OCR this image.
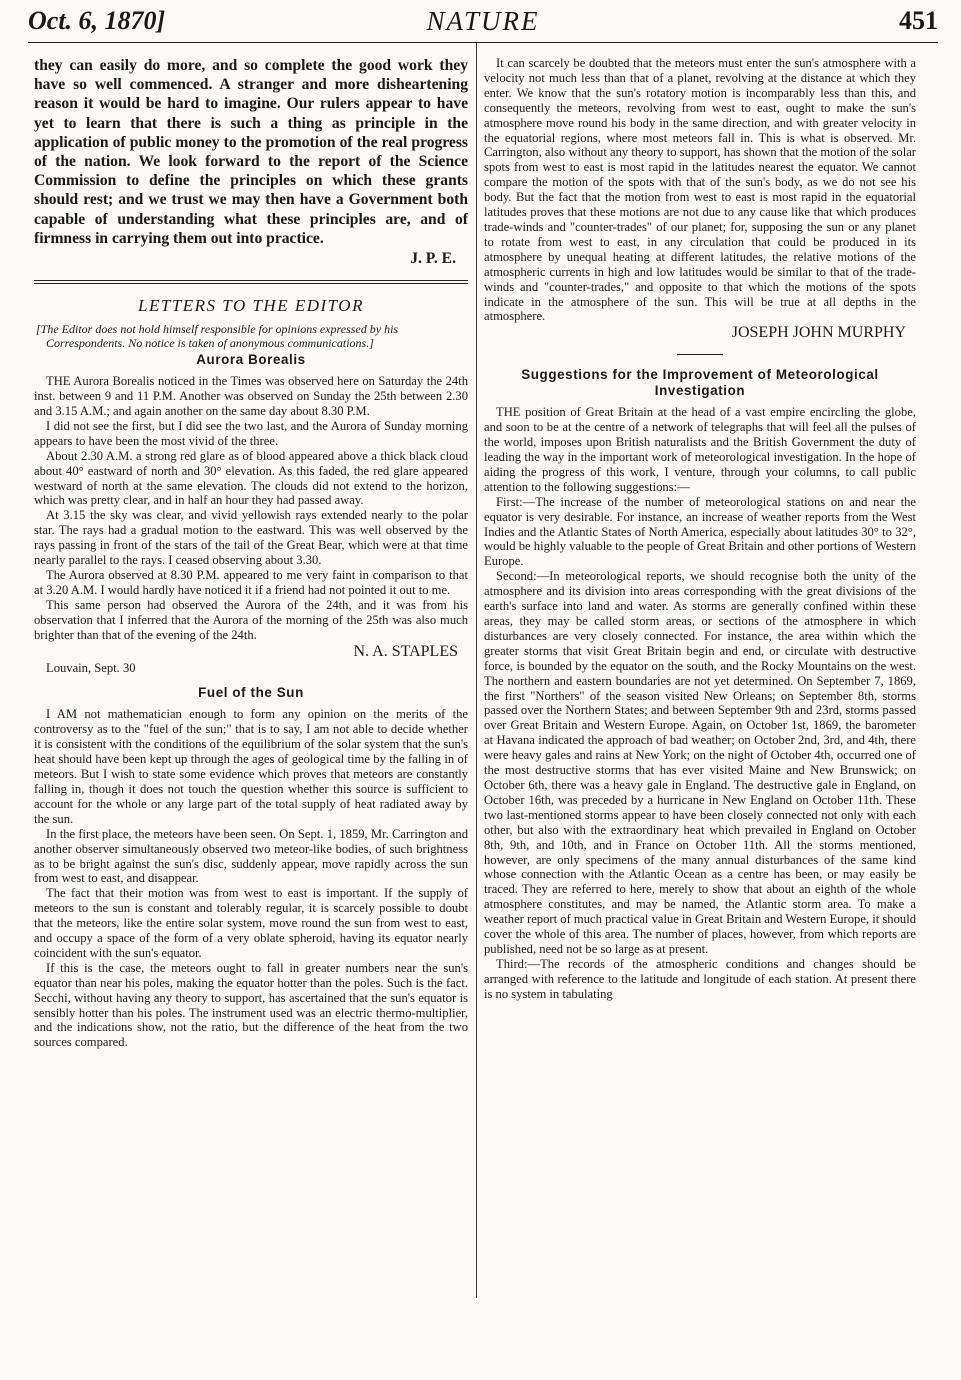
Oct. 6, 1870]	NATURE	451

they can easily do more, and so complete the good work they have so well commenced. A stranger and more disheartening reason it would be hard to imagine. Our rulers appear to have yet to learn that there is such a thing as principle in the application of public money to the promotion of the real progress of the nation. We look forward to the report of the Science Commission to define the principles on which these grants should rest; and we trust we may then have a Government both capable of understanding what these principles are, and of firmness in carrying them out into practice.

J. P. E.

LETTERS TO THE EDITOR
[The Editor does not hold himself responsible for opinions expressed by his Correspondents. No notice is taken of anonymous communications.]
Aurora Borealis

THE Aurora Borealis noticed in the Times was observed here on Saturday the 24th inst. between 9 and 11 P.M. Another was observed on Sunday the 25th between 2.30 and 3.15 A.M.; and again another on the same day about 8.30 P.M.

I did not see the first, but I did see the two last, and the Aurora of Sunday morning appears to have been the most vivid of the three.

About 2.30 A.M. a strong red glare as of blood appeared above a thick black cloud about 40° eastward of north and 30° elevation. As this faded, the red glare appeared westward of north at the same elevation. The clouds did not extend to the horizon, which was pretty clear, and in half an hour they had passed away.

At 3.15 the sky was clear, and vivid yellowish rays extended nearly to the polar star. The rays had a gradual motion to the eastward. This was well observed by the rays passing in front of the stars of the tail of the Great Bear, which were at that time nearly parallel to the rays. I ceased observing about 3.30.

The Aurora observed at 8.30 P.M. appeared to me very faint in comparison to that at 3.20 A.M. I would hardly have noticed it if a friend had not pointed it out to me.

This same person had observed the Aurora of the 24th, and it was from his observation that I inferred that the Aurora of the morning of the 25th was also much brighter than that of the evening of the 24th.

N. A. STAPLES

Louvain, Sept. 30

Fuel of the Sun

I AM not mathematician enough to form any opinion on the merits of the controversy as to the "fuel of the sun;" that is to say, I am not able to decide whether it is consistent with the conditions of the equilibrium of the solar system that the sun's heat should have been kept up through the ages of geological time by the falling in of meteors. But I wish to state some evidence which proves that meteors are constantly falling in, though it does not touch the question whether this source is sufficient to account for the whole or any large part of the total supply of heat radiated away by the sun.

In the first place, the meteors have been seen. On Sept. 1, 1859, Mr. Carrington and another observer simultaneously observed two meteor-like bodies, of such brightness as to be bright against the sun's disc, suddenly appear, move rapidly across the sun from west to east, and disappear.

The fact that their motion was from west to east is important. If the supply of meteors to the sun is constant and tolerably regular, it is scarcely possible to doubt that the meteors, like the entire solar system, move round the sun from west to east, and occupy a space of the form of a very oblate spheroid, having its equator nearly coincident with the sun's equator.

If this is the case, the meteors ought to fall in greater numbers near the sun's equator than near his poles, making the equator hotter than the poles. Such is the fact. Secchi, without having any theory to support, has ascertained that the sun's equator is sensibly hotter than his poles. The instrument used was an electric thermo-multiplier, and the indications show, not the ratio, but the difference of the heat from the two sources compared.

It can scarcely be doubted that the meteors must enter the sun's atmosphere with a velocity not much less than that of a planet, revolving at the distance at which they enter. We know that the sun's rotatory motion is incomparably less than this, and consequently the meteors, revolving from west to east, ought to make the sun's atmosphere move round his body in the same direction, and with greater velocity in the equatorial regions, where most meteors fall in. This is what is observed. Mr. Carrington, also without any theory to support, has shown that the motion of the solar spots from west to east is most rapid in the latitudes nearest the equator. We cannot compare the motion of the spots with that of the sun's body, as we do not see his body. But the fact that the motion from west to east is most rapid in the equatorial latitudes proves that these motions are not due to any cause like that which produces trade-winds and "counter-trades" of our planet; for, supposing the sun or any planet to rotate from west to east, in any circulation that could be produced in its atmosphere by unequal heating at different latitudes, the relative motions of the atmospheric currents in high and low latitudes would be similar to that of the trade-winds and "counter-trades," and opposite to that which the motions of the spots indicate in the atmosphere of the sun. This will be true at all depths in the atmosphere.

JOSEPH JOHN MURPHY
Suggestions for the Improvement of Meteorological Investigation

THE position of Great Britain at the head of a vast empire encircling the globe, and soon to be at the centre of a network of telegraphs that will feel all the pulses of the world, imposes upon British naturalists and the British Government the duty of leading the way in the important work of meteorological investigation. In the hope of aiding the progress of this work, I venture, through your columns, to call public attention to the following suggestions:—

First:—The increase of the number of meteorological stations on and near the equator is very desirable. For instance, an increase of weather reports from the West Indies and the Atlantic States of North America, especially about latitudes 30° to 32°, would be highly valuable to the people of Great Britain and other portions of Western Europe.

Second:—In meteorological reports, we should recognise both the unity of the atmosphere and its division into areas corresponding with the great divisions of the earth's surface into land and water. As storms are generally confined within these areas, they may be called storm areas, or sections of the atmosphere in which disturbances are very closely connected. For instance, the area within which the greater storms that visit Great Britain begin and end, or circulate with destructive force, is bounded by the equator on the south, and the Rocky Mountains on the west. The northern and eastern boundaries are not yet determined. On September 7, 1869, the first "Northers" of the season visited New Orleans; on September 8th, storms passed over the Northern States; and between September 9th and 23rd, storms passed over Great Britain and Western Europe. Again, on October 1st, 1869, the barometer at Havana indicated the approach of bad weather; on October 2nd, 3rd, and 4th, there were heavy gales and rains at New York; on the night of October 4th, occurred one of the most destructive storms that has ever visited Maine and New Brunswick; on October 6th, there was a heavy gale in England. The destructive gale in England, on October 16th, was preceded by a hurricane in New England on October 11th. These two last-mentioned storms appear to have been closely connected not only with each other, but also with the extraordinary heat which prevailed in England on October 8th, 9th, and 10th, and in France on October 11th. All the storms mentioned, however, are only specimens of the many annual disturbances of the same kind whose connection with the Atlantic Ocean as a centre has been, or may easily be traced. They are referred to here, merely to show that about an eighth of the whole atmosphere constitutes, and may be named, the Atlantic storm area. To make a weather report of much practical value in Great Britain and Western Europe, it should cover the whole of this area. The number of places, however, from which reports are published, need not be so large as at present.

Third:—The records of the atmospheric conditions and changes should be arranged with reference to the latitude and longitude of each station. At present there is no system in tabulating
